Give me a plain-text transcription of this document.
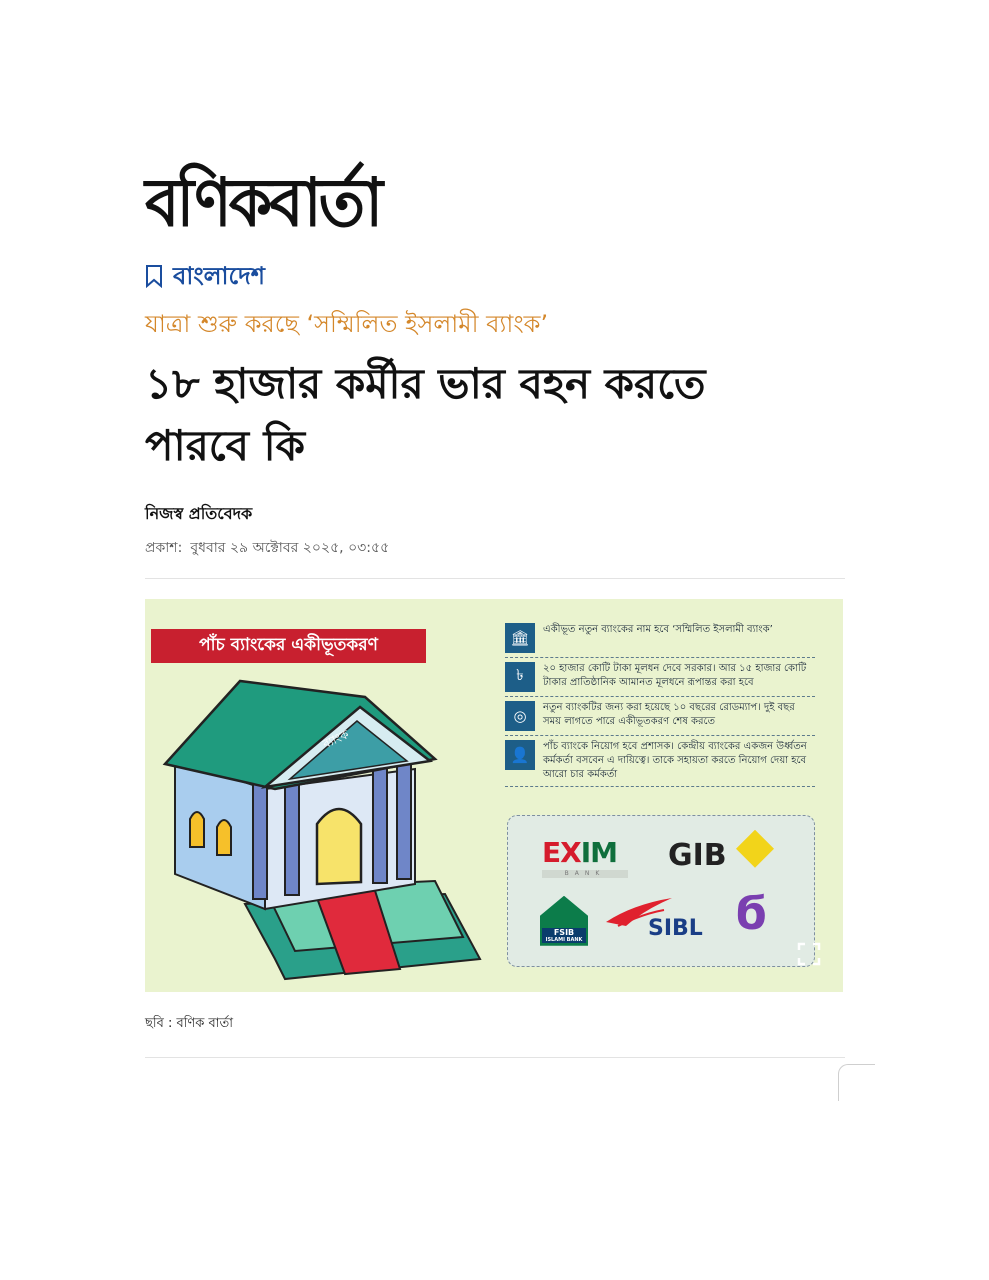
বণিকবার্তা
বাংলাদেশ
যাত্রা শুরু করছে ‘সম্মিলিত ইসলামী ব্যাংক’
১৮ হাজার কর্মীর ভার বহন করতে
পারবে কি
নিজস্ব প্রতিবেদক
প্রকাশ: বুধবার ২৯ অক্টোবর ২০২৫, ০৩:৫৫
পাঁচ ব্যাংকের একীভূতকরণ
ব্যাংক
🏛	একীভূত নতুন ব্যাংকের নাম হবে ‘সম্মিলিত ইসলামী ব্যাংক’
৳	২০ হাজার কোটি টাকা মূলধন দেবে সরকার। আর ১৫ হাজার কোটি টাকার প্রাতিষ্ঠানিক আমানত মূলধনে রূপান্তর করা হবে
◎	নতুন ব্যাংকটির জন্য করা হয়েছে ১০ বছরের রোডম্যাপ। দুই বছর সময় লাগতে পারে একীভূতকরণ শেষ করতে
👤	পাঁচ ব্যাংকে নিয়োগ হবে প্রশাসক। কেন্দ্রীয় ব্যাংকের একজন উর্ধ্বতন কর্মকর্তা বসবেন এ দায়িত্বে। তাকে সহায়তা করতে নিয়োগ দেয়া হবে আরো চার কর্মকর্তা
EXIM
BANK
GIB
FSIB
ISLAMI BANK	SIBL ϭ
ছবি : বণিক বার্তা
